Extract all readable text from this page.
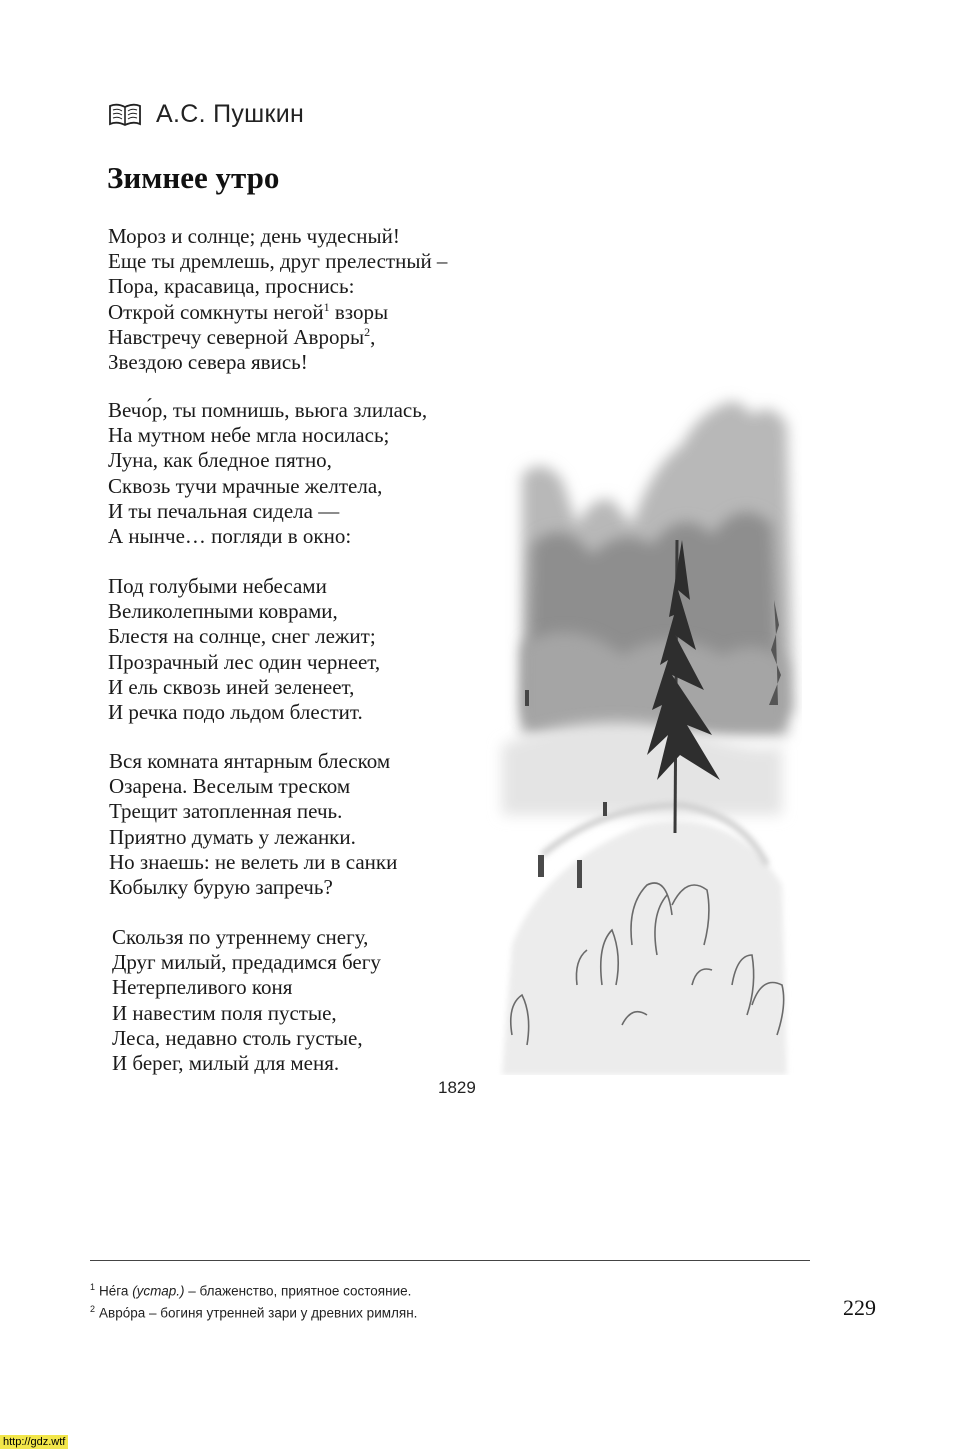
А.С. Пушкин
Зимнее утро
Мороз и солнце; день чудесный!
Еще ты дремлешь, друг прелестный –
Пора, красавица, проснись:
Открой сомкнуты негой$^1$ взоры
Навстречу северной Авроры$^2$,
Звездою севера явись!
Вечо́р, ты помнишь, вьюга злилась,
На мутном небе мгла носилась;
Луна, как бледное пятно,
Сквозь тучи мрачные желтела,
И ты печальная сидела —
А нынче… погляди в окно:
Под голубыми небесами
Великолепными коврами,
Блестя на солнце, снег лежит;
Прозрачный лес один чернеет,
И ель сквозь иней зеленеет,
И речка подо льдом блестит.
Вся комната янтарным блеском
Озарена. Веселым треском
Трещит затопленная печь.
Приятно думать у лежанки.
Но знаешь: не велеть ли в санки
Кобылку бурую запречь?
Скользя по утреннему снегу,
Друг милый, предадимся бегу
Нетерпеливого коня
И навестим поля пустые,
Леса, недавно столь густые,
И берег, милый для меня.
1829
$^1$ Не́га (устар.) – блаженство, приятное состояние.
$^2$ Авро́ра – богиня утренней зари у древних римлян.	229
http://gdz.wtf
